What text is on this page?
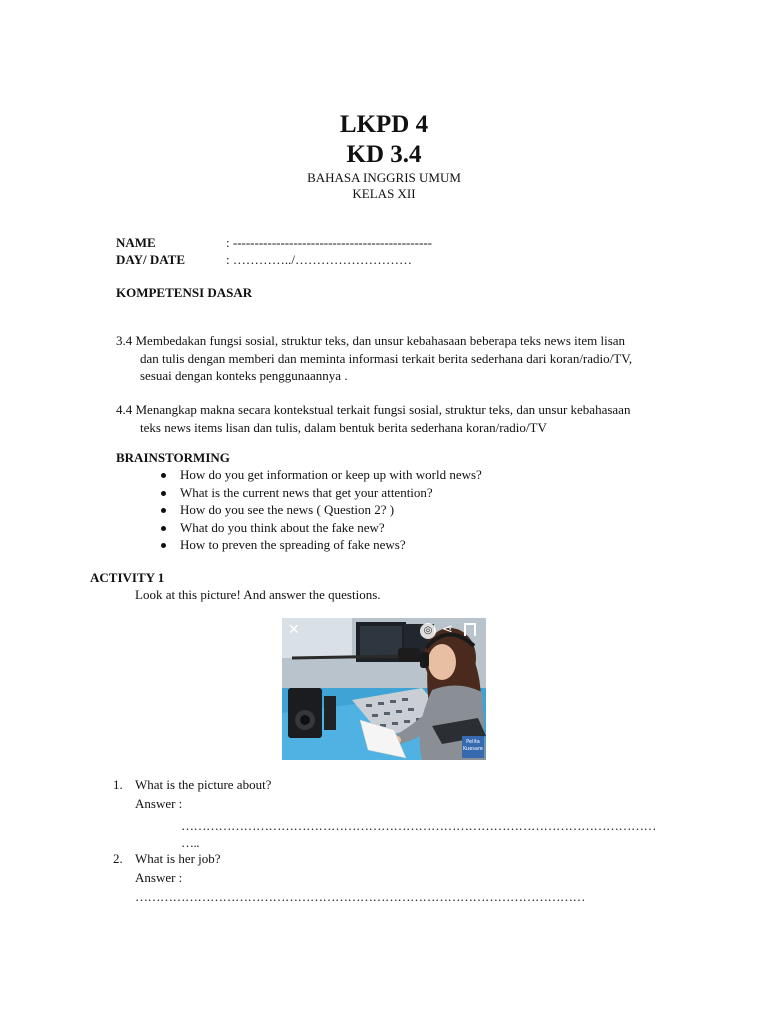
LKPD 4
KD 3.4
BAHASA INGGRIS UMUM
KELAS XII
NAME	: ----------------------------------------------
DAY/ DATE	: …………../………………………
KOMPETENSI DASAR
3.4 Membedakan fungsi sosial, struktur teks, dan unsur kebahasaan beberapa teks news item lisan
dan tulis dengan memberi dan meminta informasi terkait berita sederhana dari koran/radio/TV,
sesuai dengan konteks penggunaannya .
4.4 Menangkap makna secara kontekstual terkait fungsi sosial, struktur teks, dan unsur kebahasaan
teks news items lisan dan tulis, dalam bentuk berita sederhana koran/radio/TV
BRAINSTORMING
How do you get information or keep up with world news?
What is the current news that get your attention?
How do you see the news ( Question 2? )
What do you think about the fake new?
How to preven the spreading of fake news?
ACTIVITY 1
Look at this picture! And answer the questions.
✕	◎ ⋖
Pelita Kuesare
1. What is the picture about?
Answer :
……………………………………………………………………………………………………
…..
2. What is her job?
Answer :
………………………………………………………………………………………………
